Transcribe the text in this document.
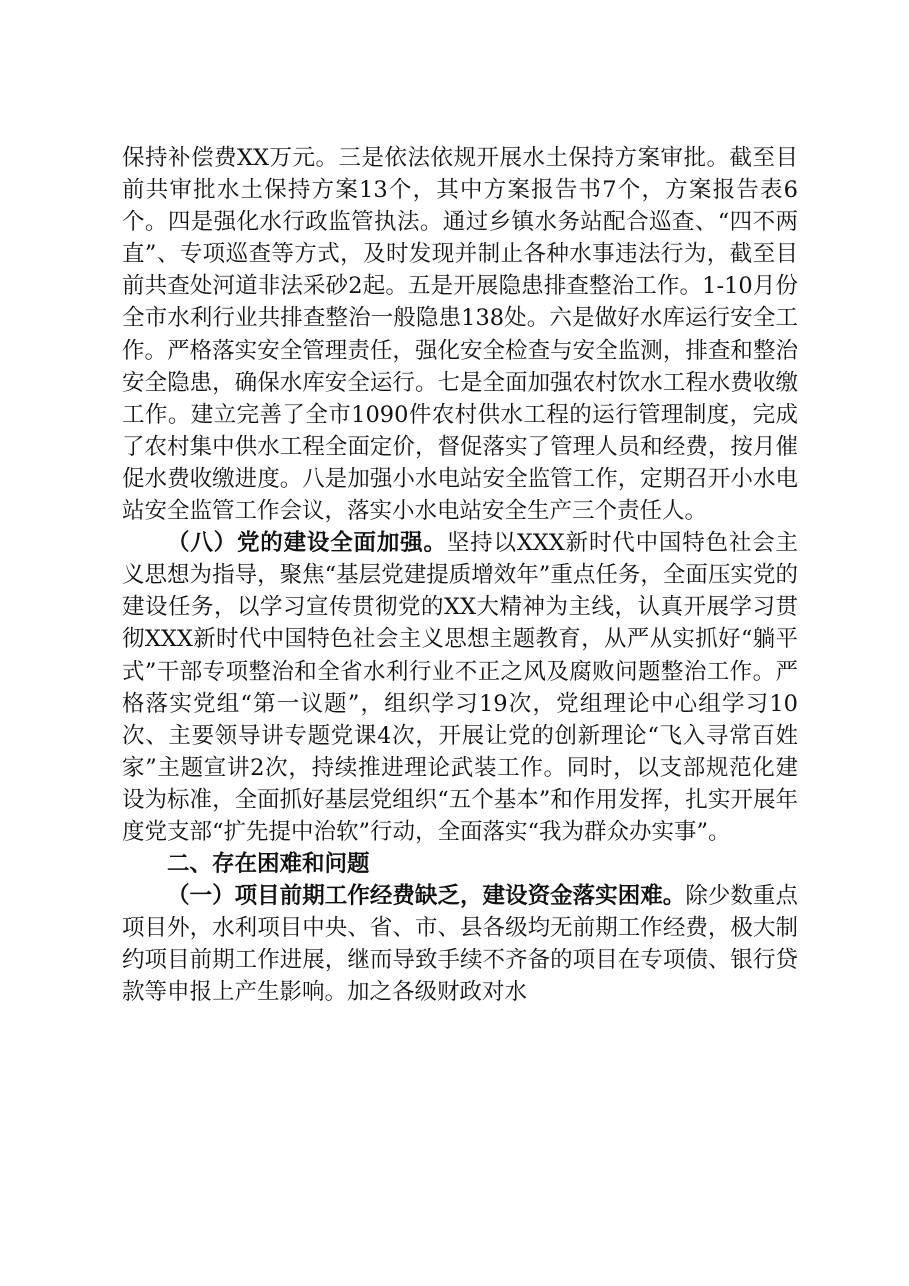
保持补偿费XX万元。三是依法依规开展水土保持方案审批。截至目前共审批水土保持方案13个，其中方案报告书7个，方案报告表6个。四是强化水行政监管执法。通过乡镇水务站配合巡查、“四不两直”、专项巡查等方式，及时发现并制止各种水事违法行为，截至目前共查处河道非法采砂2起。五是开展隐患排查整治工作。1-10月份全市水利行业共排查整治一般隐患138处。六是做好水库运行安全工作。严格落实安全管理责任，强化安全检查与安全监测，排查和整治安全隐患，确保水库安全运行。七是全面加强农村饮水工程水费收缴工作。建立完善了全市1090件农村供水工程的运行管理制度，完成了农村集中供水工程全面定价，督促落实了管理人员和经费，按月催促水费收缴进度。八是加强小水电站安全监管工作，定期召开小水电站安全监管工作会议，落实小水电站安全生产三个责任人。

（八）党的建设全面加强。坚持以XXX新时代中国特色社会主义思想为指导，聚焦“基层党建提质增效年”重点任务，全面压实党的建设任务，以学习宣传贯彻党的XX大精神为主线，认真开展学习贯彻XXX新时代中国特色社会主义思想主题教育，从严从实抓好“躺平式”干部专项整治和全省水利行业不正之风及腐败问题整治工作。严格落实党组“第一议题”，组织学习19次，党组理论中心组学习10次、主要领导讲专题党课4次，开展让党的创新理论“飞入寻常百姓家”主题宣讲2次，持续推进理论武装工作。同时，以支部规范化建设为标准，全面抓好基层党组织“五个基本”和作用发挥，扎实开展年度党支部“扩先提中治软”行动，全面落实“我为群众办实事”。

二、存在困难和问题

（一）项目前期工作经费缺乏，建设资金落实困难。除少数重点项目外，水利项目中央、省、市、县各级均无前期工作经费，极大制约项目前期工作进展，继而导致手续不齐备的项目在专项债、银行贷款等申报上产生影响。加之各级财政对水
